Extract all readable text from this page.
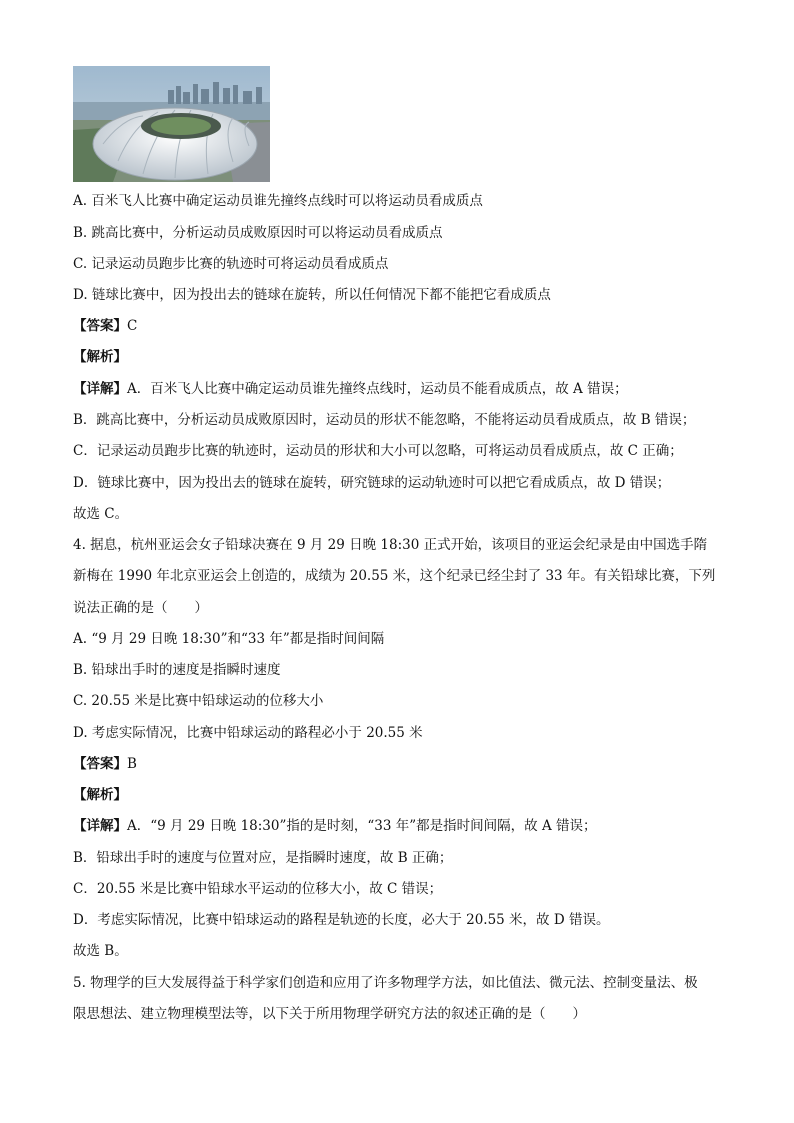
A. 百米飞人比赛中确定运动员谁先撞终点线时可以将运动员看成质点
B. 跳高比赛中，分析运动员成败原因时可以将运动员看成质点
C. 记录运动员跑步比赛的轨迹时可将运动员看成质点
D. 链球比赛中，因为投出去的链球在旋转，所以任何情况下都不能把它看成质点
【答案】C
【解析】
【详解】A．百米飞人比赛中确定运动员谁先撞终点线时，运动员不能看成质点，故 A 错误；
B．跳高比赛中，分析运动员成败原因时，运动员的形状不能忽略，不能将运动员看成质点，故 B 错误；
C．记录运动员跑步比赛的轨迹时，运动员的形状和大小可以忽略，可将运动员看成质点，故 C 正确；
D．链球比赛中，因为投出去的链球在旋转，研究链球的运动轨迹时可以把它看成质点，故 D 错误；
故选 C。
4. 据息，杭州亚运会女子铅球决赛在 9 月 29 日晚 18:30 正式开始，该项目的亚运会纪录是由中国选手隋
新梅在 1990 年北京亚运会上创造的，成绩为 20.55 米，这个纪录已经尘封了 33 年。有关铅球比赛，下列
说法正确的是（　　）
A. “9 月 29 日晚 18:30”和“33 年”都是指时间间隔
B. 铅球出手时的速度是指瞬时速度
C. 20.55 米是比赛中铅球运动的位移大小
D. 考虑实际情况，比赛中铅球运动的路程必小于 20.55 米
【答案】B
【解析】
【详解】A．“9 月 29 日晚 18:30”指的是时刻，“33 年”都是指时间间隔，故 A 错误；
B．铅球出手时的速度与位置对应，是指瞬时速度，故 B 正确；
C．20.55 米是比赛中铅球水平运动的位移大小，故 C 错误；
D．考虑实际情况，比赛中铅球运动的路程是轨迹的长度，必大于 20.55 米，故 D 错误。
故选 B。
5. 物理学的巨大发展得益于科学家们创造和应用了许多物理学方法，如比值法、微元法、控制变量法、极
限思想法、建立物理模型法等，以下关于所用物理学研究方法的叙述正确的是（　　）
